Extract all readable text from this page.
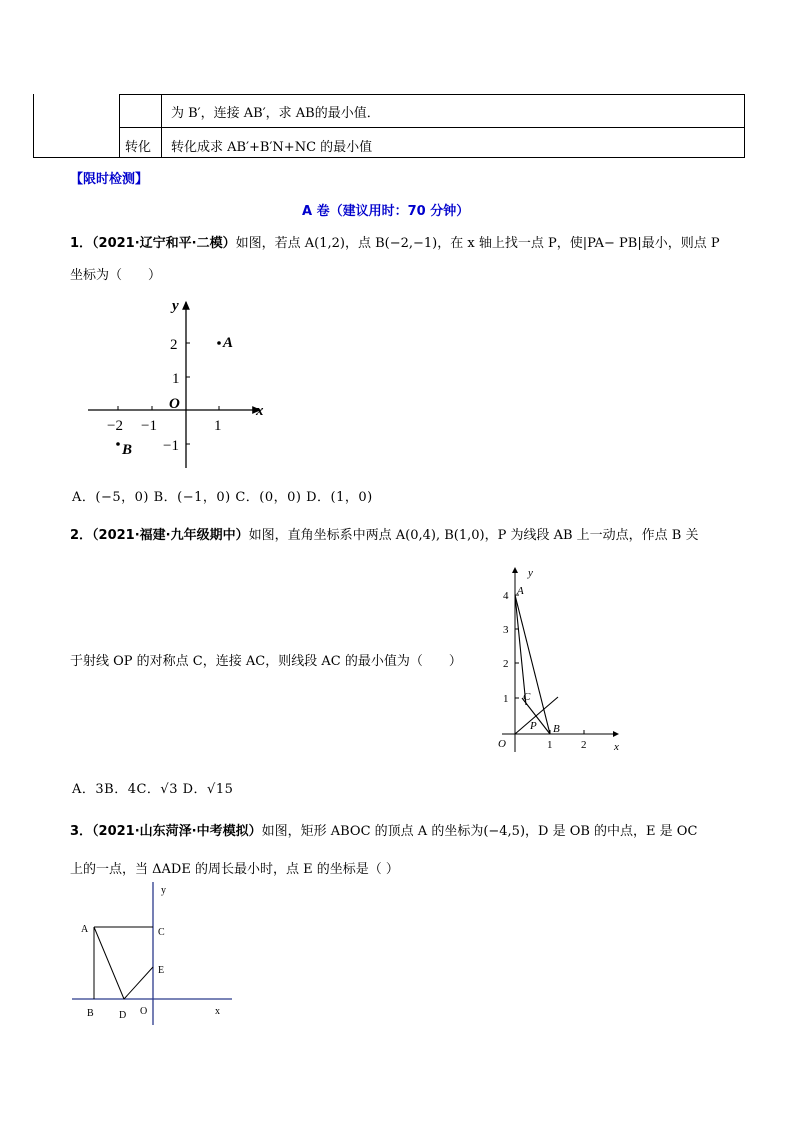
为 B′，连接 AB′，求 AB的最小值．
转化 转化成求 AB′+B′N+NC 的最小值
【限时检测】
A 卷（建议用时：70 分钟）
1．（2021·辽宁和平·二模）如图，若点 A(1,2)，点 B(−2,−1)，在 x 轴上找一点 P，使|PA− PB|最小，则点 P
坐标为（　　）
x
y
O
−2 −1	1
2
1
−1
A
B
A．(−5，0) B．(−1，0) C．(0，0) D．(1，0)
2．（2021·福建·九年级期中）如图，直角坐标系中两点 A(0,4), B(1,0)，P 为线段 AB 上一动点，作点 B 关
于射线 OP 的对称点 C，连接 AC，则线段 AC 的最小值为（　　）
x
y
O
4
3
2
1
1	2
A
B
C
P
A．3B．4C．√3 D．√15
3．（2021·山东菏泽·中考模拟）如图，矩形 ABOC 的顶点 A 的坐标为(−4,5)，D 是 OB 的中点，E 是 OC
上的一点，当 ΔADE 的周长最小时，点 E 的坐标是（ ）
x
y
O
A
B
C
D
E
